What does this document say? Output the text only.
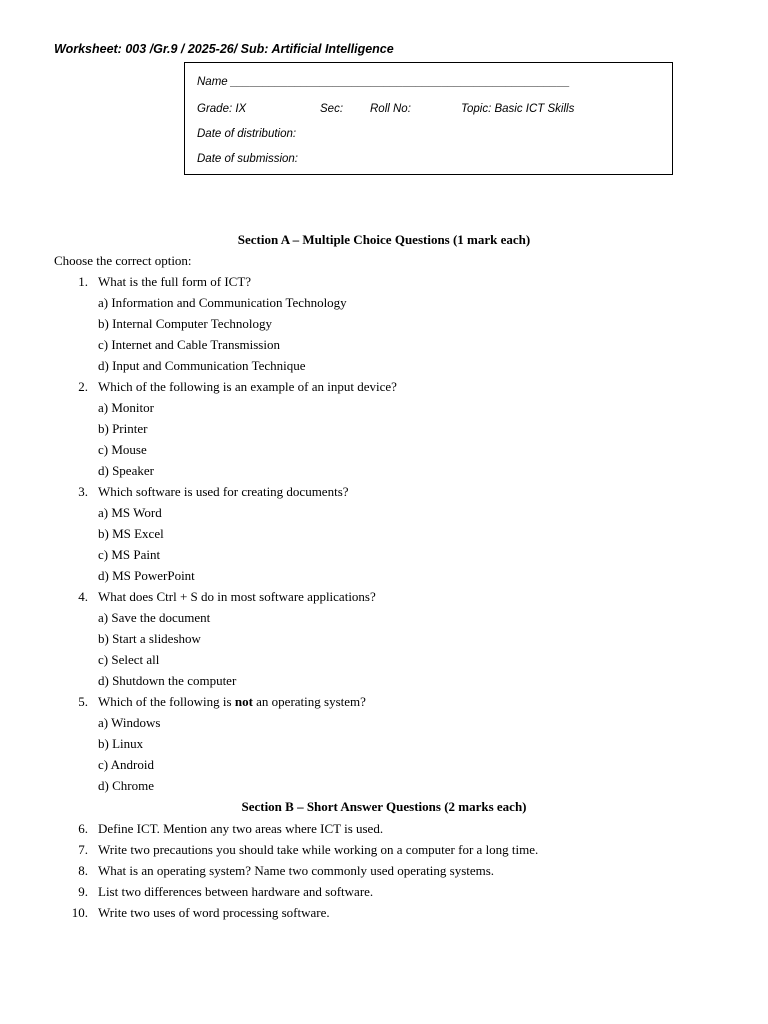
Worksheet: 003 /Gr.9 / 2025-26/ Sub: Artificial Intelligence
Name _____________________________________________________
Grade: IX	Sec: Roll No:	Topic: Basic ICT Skills
Date of distribution:
Date of submission:
Section A – Multiple Choice Questions (1 mark each)
Choose the correct option:
1. What is the full form of ICT?
a) Information and Communication Technology
b) Internal Computer Technology
c) Internet and Cable Transmission
d) Input and Communication Technique
2. Which of the following is an example of an input device?
a) Monitor
b) Printer
c) Mouse
d) Speaker
3. Which software is used for creating documents?
a) MS Word
b) MS Excel
c) MS Paint
d) MS PowerPoint
4. What does Ctrl + S do in most software applications?
a) Save the document
b) Start a slideshow
c) Select all
d) Shutdown the computer
5. Which of the following is not an operating system?
a) Windows
b) Linux
c) Android
d) Chrome
Section B – Short Answer Questions (2 marks each)
6. Define ICT. Mention any two areas where ICT is used.
7. Write two precautions you should take while working on a computer for a long time.
8. What is an operating system? Name two commonly used operating systems.
9. List two differences between hardware and software.
10. Write two uses of word processing software.
